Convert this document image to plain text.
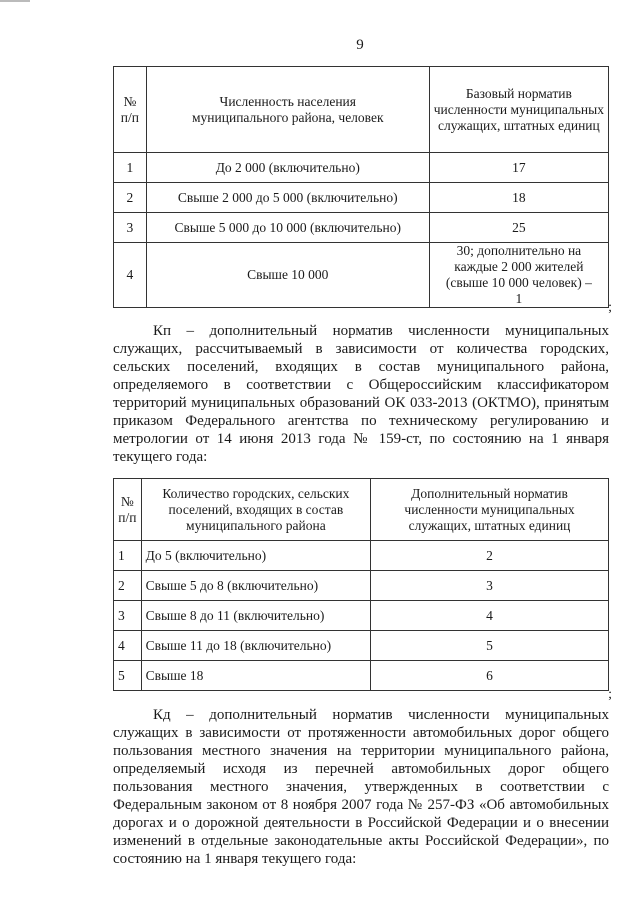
9
№
п/п	Численность населения муниципального района, человек	Базовый норматив численности муниципальных служащих, штатных единиц
1	До 2 000 (включительно)	17
2	Свыше 2 000 до 5 000 (включительно)	18
3	Свыше 5 000 до 10 000 (включительно)	25
4	Свыше 10 000	30; дополнительно на каждые 2 000 жителей (свыше 10 000 человек) – 1
;
Кп – дополнительный норматив численности муниципальных служащих, рассчитываемый в зависимости от количества городских, сельских поселений, входящих в состав муниципального района, определяемого в соответствии с Общероссийским классификатором территорий муниципальных образований ОК 033-2013 (ОКТМО), принятым приказом Федерального агентства по техническому регулированию и метрологии от 14 июня 2013 года № 159-ст, по состоянию на 1 января текущего года:
№
п/п	Количество городских, сельских поселений, входящих в состав муниципального района	Дополнительный норматив численности муниципальных служащих, штатных единиц
1	До 5 (включительно)	2
2	Свыше 5 до 8 (включительно)	3
3	Свыше 8 до 11 (включительно)	4
4	Свыше 11 до 18 (включительно)	5
5	Свыше 18	6
;
Кд – дополнительный норматив численности муниципальных служащих в зависимости от протяженности автомобильных дорог общего пользования местного значения на территории муниципального района, определяемый исходя из перечней автомобильных дорог общего пользования местного значения, утвержденных в соответствии с Федеральным законом от 8 ноября 2007 года № 257-ФЗ «Об автомобильных дорогах и о дорожной деятельности в Российской Федерации и о внесении изменений в отдельные законодательные акты Российской Федерации», по состоянию на 1 января текущего года:
